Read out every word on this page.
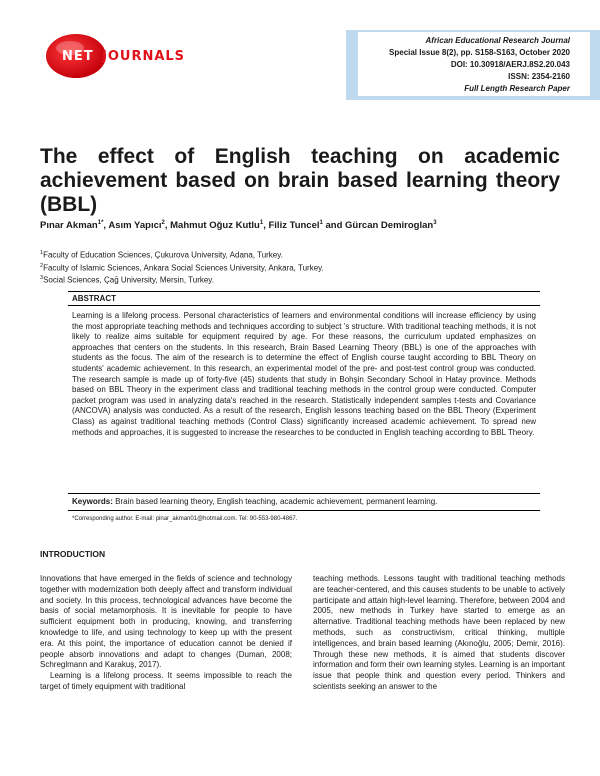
NET JOURNALS
African Educational Research Journal
Special Issue 8(2), pp. S158-S163, October 2020
DOI: 10.30918/AERJ.8S2.20.043
ISSN: 2354-2160
Full Length Research Paper
The effect of English teaching on academic achievement based on brain based learning theory (BBL)
Pınar Akman$^{1*}$, Asım Yapıcı$^2$, Mahmut Oğuz Kutlu$^1$, Filiz Tuncel$^1$ and Gürcan Demiroglan$^3$
$^1$Faculty of Education Sciences, Çukurova University, Adana, Turkey.
$^2$Faculty of Islamic Sciences, Ankara Social Sciences University, Ankara, Turkey.
$^3$Social Sciences, Çağ University, Mersin, Turkey.
ABSTRACT
Learning is a lifelong process. Personal characteristics of learners and environmental conditions will increase efficiency by using the most appropriate teaching methods and techniques according to subject 's structure. With traditional teaching methods, it is not likely to realize aims suitable for equipment required by age. For these reasons, the curriculum updated emphasizes on approaches that centers on the students. In this research, Brain Based Learning Theory (BBL) is one of the approaches with students as the focus. The aim of the research is to determine the effect of English course taught according to BBL Theory on students' academic achievement. In this research, an experimental model of the pre- and post-test control group was conducted. The research sample is made up of forty-five (45) students that study in Bohşin Secondary School in Hatay province. Methods based on BBL Theory in the experiment class and traditional teaching methods in the control group were conducted. Computer packet program was used in analyzing data's reached in the research. Statistically independent samples t-tests and Covariance (ANCOVA) analysis was conducted. As a result of the research, English lessons teaching based on the BBL Theory (Experiment Class) as against traditional teaching methods (Control Class) significantly increased academic achievement. To spread new methods and approaches, it is suggested to increase the researches to be conducted in English teaching according to BBL Theory.
Keywords: Brain based learning theory, English teaching, academic achievement, permanent learning.
*Corresponding author. E-mail: pinar_akman01@hotmail.com. Tel: 90-553-980-4867.
INTRODUCTION

Innovations that have emerged in the fields of science and technology together with modernization both deeply affect and transform individual and society. In this process, technological advances have become the basis of social metamorphosis. It is inevitable for people to have sufficient equipment both in producing, knowing, and transferring knowledge to life, and using technology to keep up with the present era. At this point, the importance of education cannot be denied if people absorb innovations and adapt to changes (Duman, 2008; Schreglmann and Karakuş, 2017).

Learning is a lifelong process. It seems impossible to reach the target of timely equipment with traditional

teaching methods. Lessons taught with traditional teaching methods are teacher-centered, and this causes students to be unable to actively participate and attain high-level learning. Therefore, between 2004 and 2005, new methods in Turkey have started to emerge as an alternative. Traditional teaching methods have been replaced by new methods, such as constructivism, critical thinking, multiple intelligences, and brain based learning (Akınoğlu, 2005; Demir, 2016). Through these new methods, it is aimed that students discover information and form their own learning styles. Learning is an important issue that people think and question every period. Thinkers and scientists seeking an answer to the
